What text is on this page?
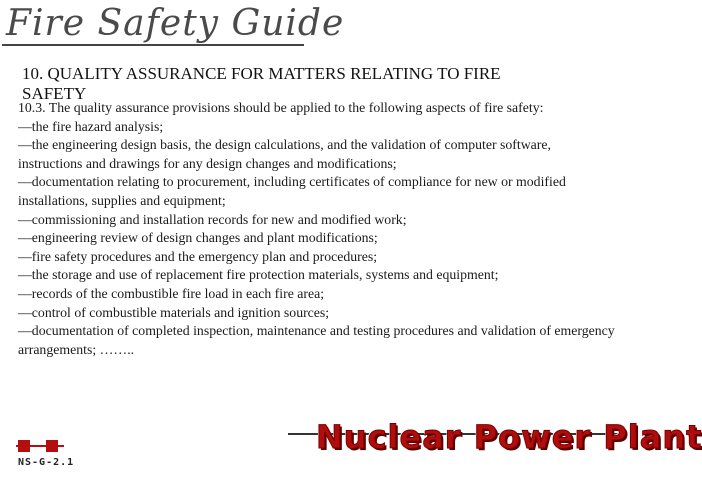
Fire Safety Guide
10. QUALITY ASSURANCE FOR MATTERS RELATING TO FIRE SAFETY

10.3. The quality assurance provisions should be applied to the following aspects of fire safety:

—the fire hazard analysis;

—the engineering design basis, the design calculations, and the validation of computer software, instructions and drawings for any design changes and modifications;

—documentation relating to procurement, including certificates of compliance for new or modified installations, supplies and equipment;

—commissioning and installation records for new and modified work;

—engineering review of design changes and plant modifications;

—fire safety procedures and the emergency plan and procedures;

—the storage and use of replacement fire protection materials, systems and equipment;

—records of the combustible fire load in each fire area;

—control of combustible materials and ignition sources;

—documentation of completed inspection, maintenance and testing procedures and validation of emergency arrangements; ……..

NS-G-2.1
Nuclear Power Plant
